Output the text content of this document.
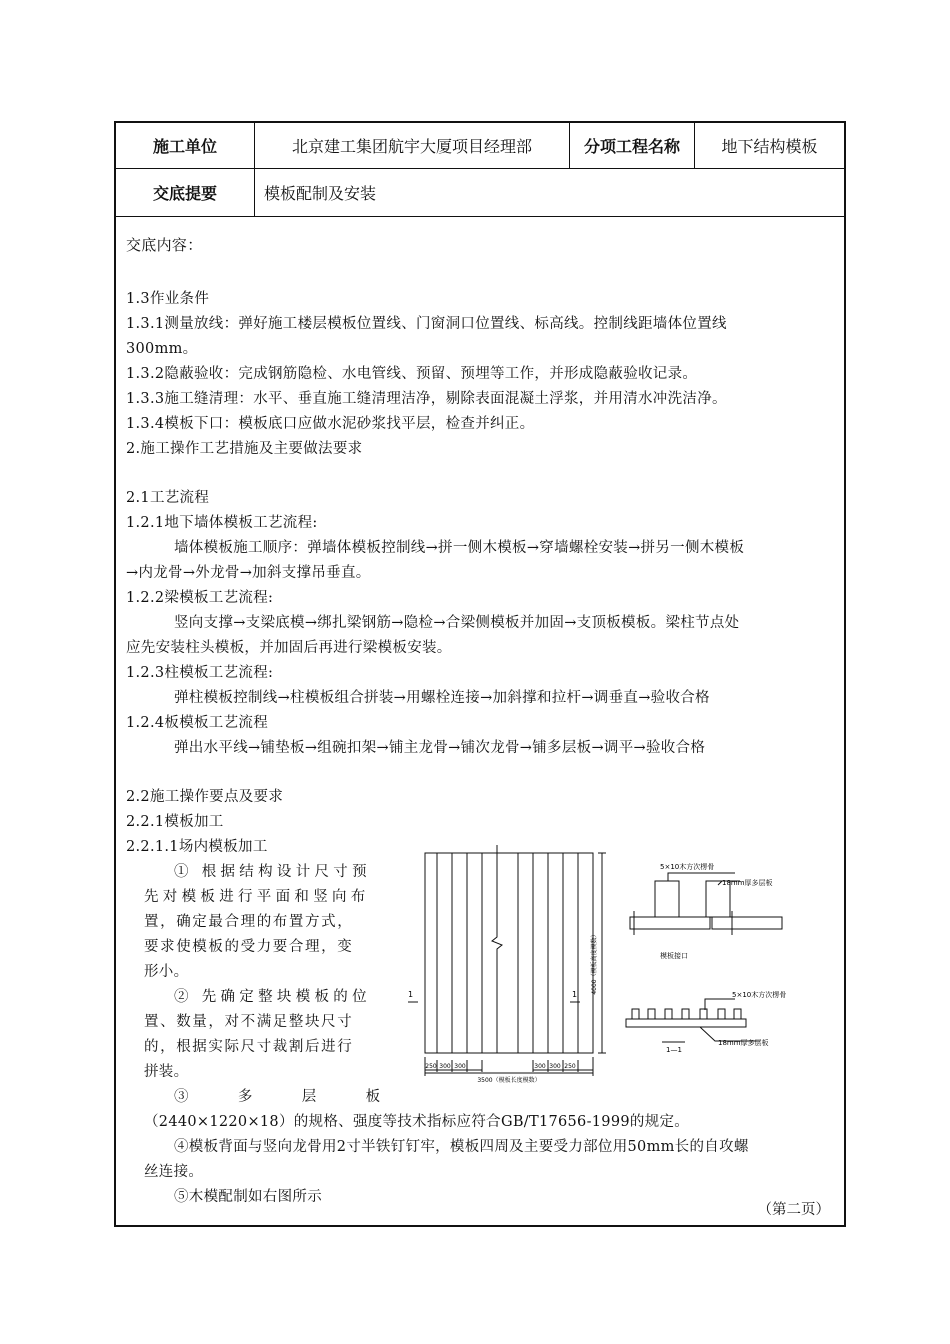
施工单位	北京建工集团航宇大厦项目经理部	分项工程名称	地下结构模板
交底提要	模板配制及安装
交底内容：
1.3作业条件
1.3.1测量放线：弹好施工楼层模板位置线、门窗洞口位置线、标高线。控制线距墙体位置线
300mm。
1.3.2隐蔽验收：完成钢筋隐检、水电管线、预留、预埋等工作，并形成隐蔽验收记录。
1.3.3施工缝清理：水平、垂直施工缝清理洁净，剔除表面混凝土浮浆，并用清水冲洗洁净。
1.3.4模板下口：模板底口应做水泥砂浆找平层，检查并纠正。
2.施工操作工艺措施及主要做法要求
2.1工艺流程
1.2.1地下墙体模板工艺流程:
墙体模板施工顺序：弹墙体模板控制线→拼一侧木模板→穿墙螺栓安装→拼另一侧木模板
→内龙骨→外龙骨→加斜支撑吊垂直。
1.2.2梁模板工艺流程:
竖向支撑→支梁底模→绑扎梁钢筋→隐检→合梁侧模板并加固→支顶板模板。梁柱节点处
应先安装柱头模板，并加固后再进行梁模板安装。
1.2.3柱模板工艺流程:
弹柱模板控制线→柱模板组合拼装→用螺栓连接→加斜撑和拉杆→调垂直→验收合格
1.2.4板模板工艺流程
弹出水平线→铺垫板→组碗扣架→铺主龙骨→铺次龙骨→铺多层板→调平→验收合格
2.2施工操作要点及要求
2.2.1模板加工
2.2.1.1场内模板加工
① 根据结构设计尺寸预
先对模板进行平面和竖向布
置，确定最合理的布置方式，
要求使模板的受力要合理，变
形小。
② 先确定整块模板的位
置、数量，对不满足整块尺寸
的，根据实际尺寸裁割后进行
拼装。
③          多          层          板
（2440×1220×18）的规格、强度等技术指标应符合GB/T17656-1999的规定。
④模板背面与竖向龙骨用2寸半铁钉钉牢，模板四周及主要受力部位用50mm长的自攻螺
丝连接。
⑤木模配制如右图所示
（第二页）
1	1 4000（模板高度模数）
3500（模板长度模数）
250 300 300	300 300 250
5×10木方次楞骨
18mm厚多层板
模板接口
5×10木方次楞骨
1—1
18mm厚多层板
